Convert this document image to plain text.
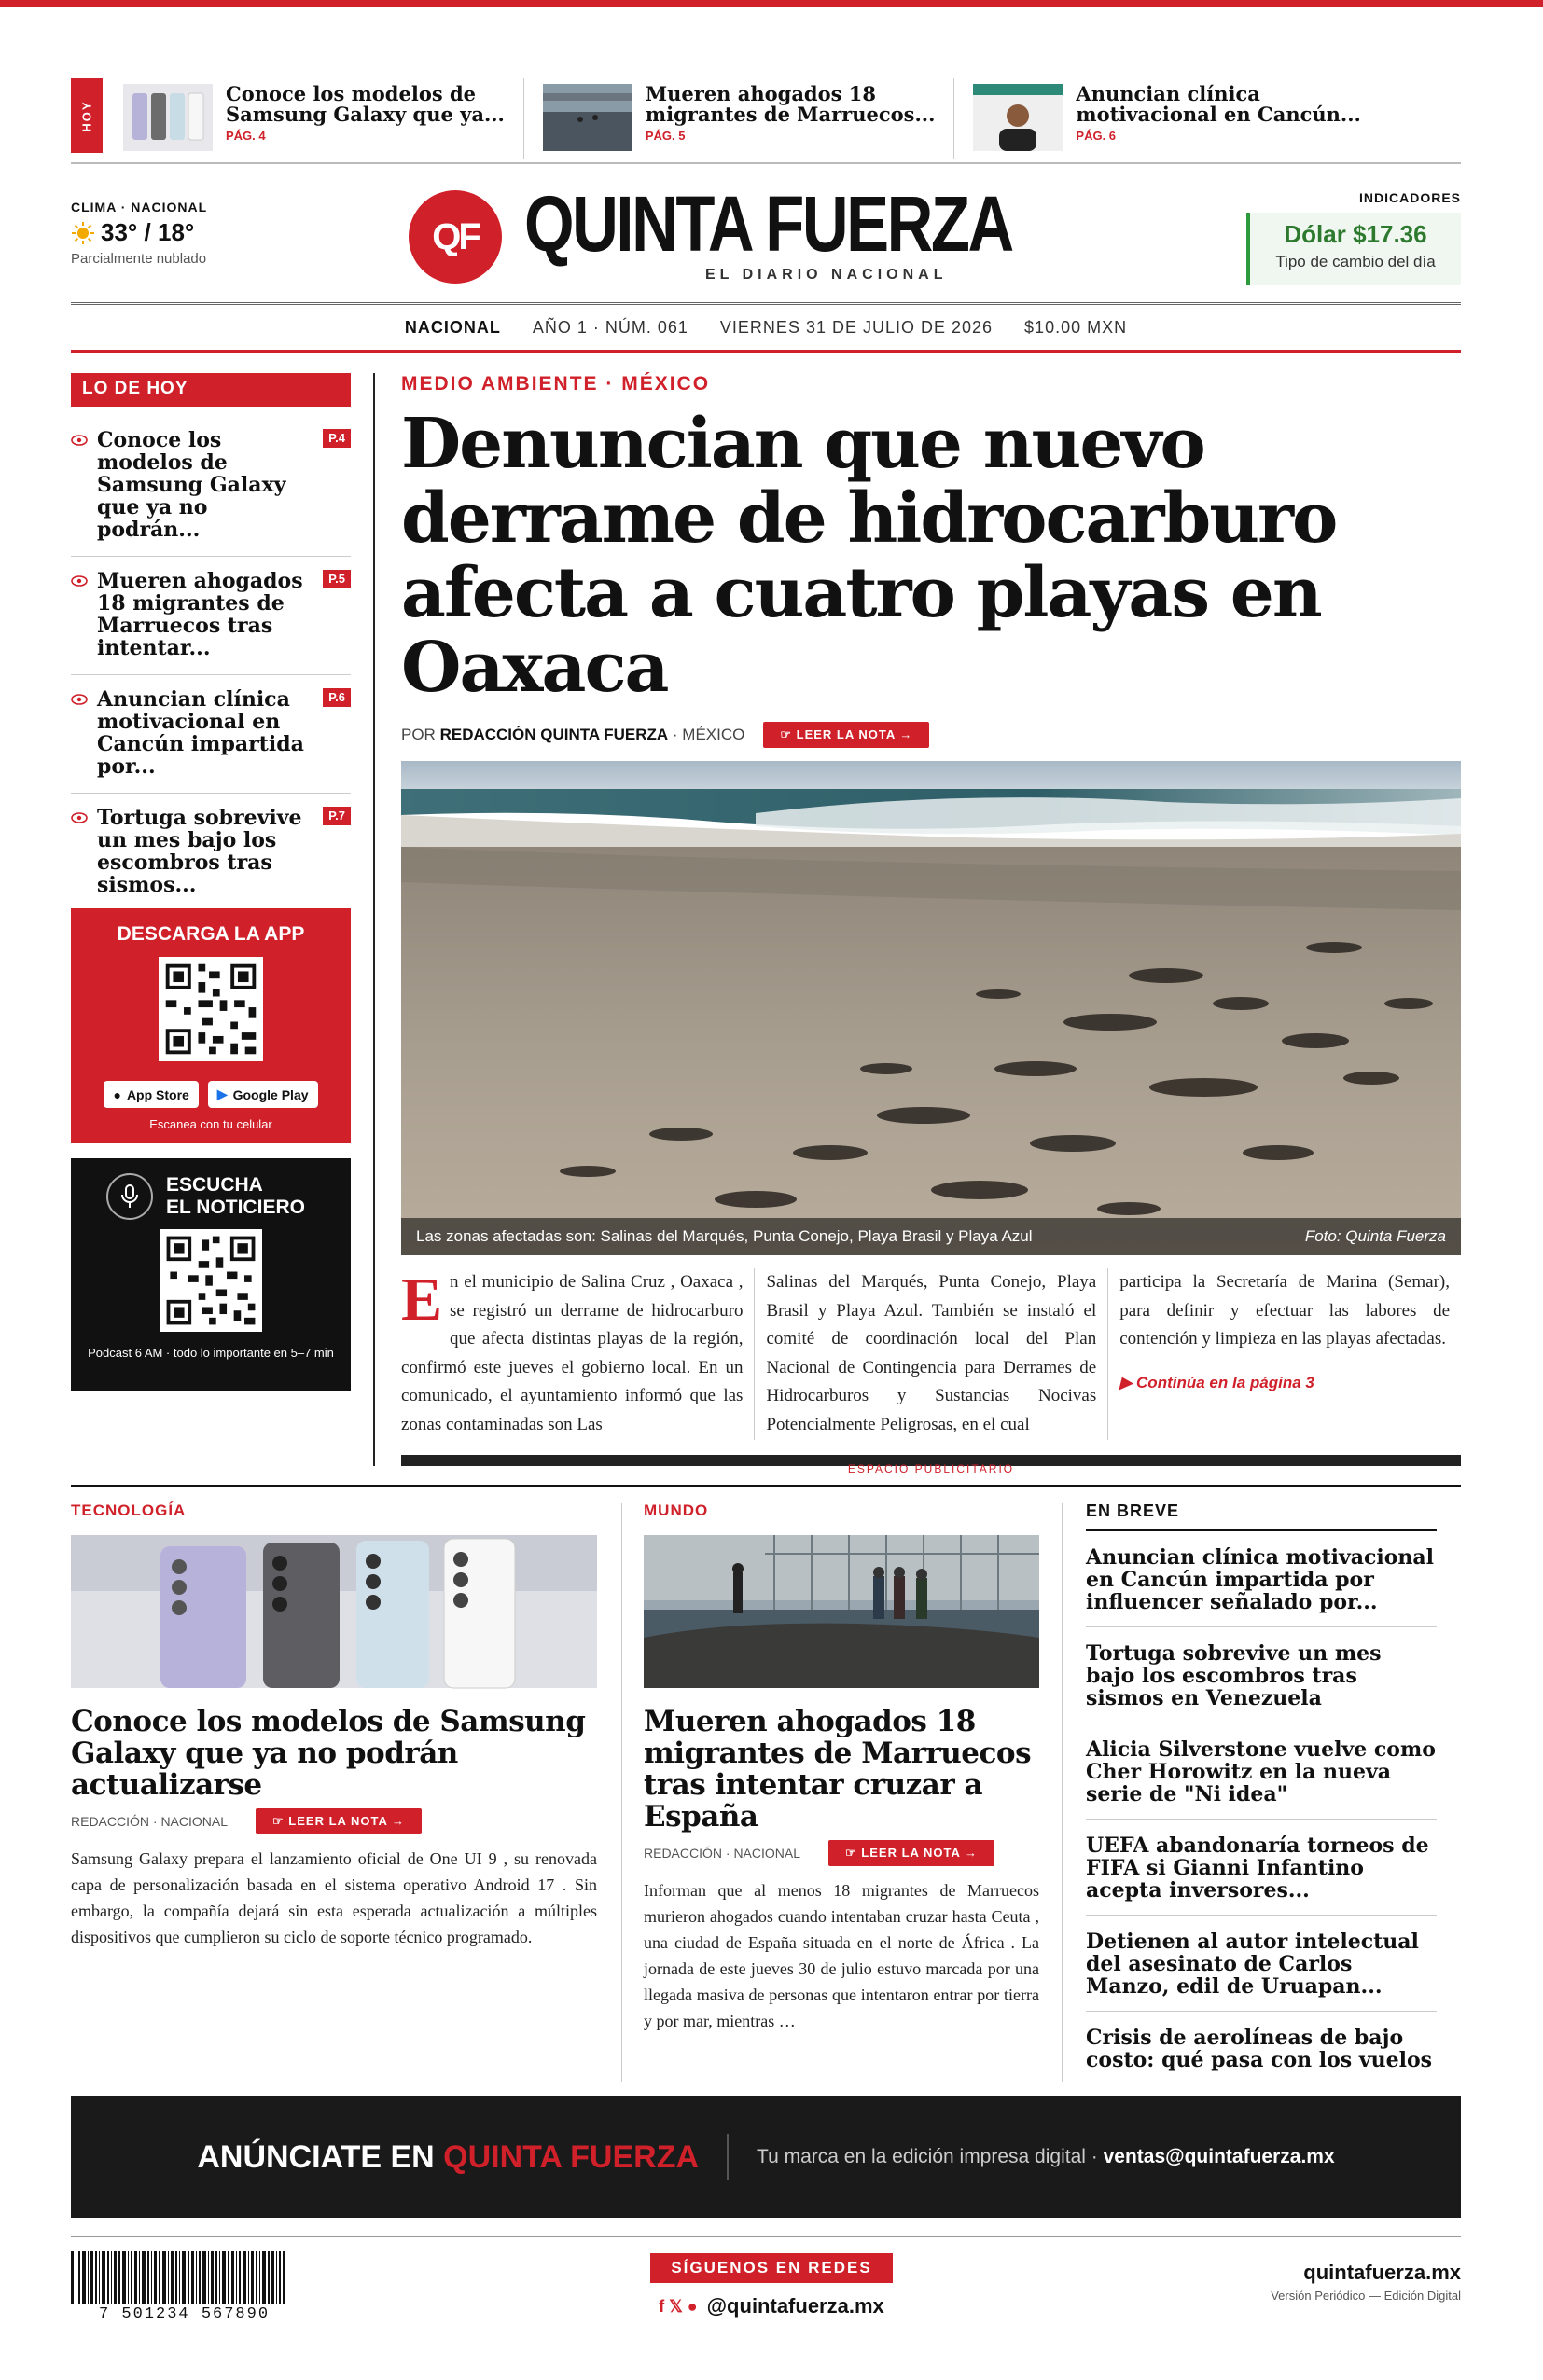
HOY
Conoce los modelos de
Samsung Galaxy que ya...
PÁG. 4
Mueren ahogados 18
migrantes de Marruecos...
PÁG. 5
Anuncian clínica
motivacional en Cancún...
PÁG. 6
CLIMA · NACIONAL
33° / 18°
Parcialmente nublado
QF QUINTA FUERZA
EL DIARIO NACIONAL
INDICADORES
Dólar $17.36
Tipo de cambio del día
NACIONAL AÑO 1 · NÚM. 061 VIERNES 31 DE JULIO DE 2026 $10.00 MXN
LO DE HOY
Conoce los modelos de Samsung Galaxy que ya no podrán...
P.4
Mueren ahogados 18 migrantes de Marruecos tras intentar...
P.5
Anuncian clínica motivacional en Cancún impartida por...
P.6
Tortuga sobrevive un mes bajo los escombros tras sismos...
P.7
DESCARGA LA APP
● App Store ▶ Google Play
Escanea con tu celular
ESCUCHA
EL NOTICIERO
Podcast 6 AM · todo lo importante en 5–7 min
MEDIO AMBIENTE · MÉXICO
Denuncian que nuevo derrame de hidrocarburo afecta a cuatro playas en Oaxaca
POR REDACCIÓN QUINTA FUERZA · MÉXICO	☞ LEER LA NOTA →
Las zonas afectadas son: Salinas del Marqués, Punta Conejo, Playa Brasil y Playa Azul	Foto: Quinta Fuerza
En el municipio de Salina Cruz , Oaxaca , se registró un derrame de hidrocarburo que afecta distintas playas de la región, confirmó este jueves el gobierno local. En un comunicado, el ayuntamiento informó que las zonas contaminadas son Las
Salinas del Marqués, Punta Conejo, Playa Brasil y Playa Azul. También se instaló el comité de coordinación local del Plan Nacional de Contingencia para Derrames de Hidrocarburos y Sustancias Nocivas Potencialmente Peligrosas, en el cual
participa la Secretaría de Marina (Semar), para definir y efectuar las labores de contención y limpieza en las playas afectadas.
▶ Continúa en la página 3
ESPACIO PUBLICITARIO
TECNOLOGÍA
Conoce los modelos de Samsung Galaxy que ya no podrán actualizarse
REDACCIÓN · NACIONAL	☞ LEER LA NOTA →
Samsung Galaxy prepara el lanzamiento oficial de One UI 9 , su renovada capa de personalización basada en el sistema operativo Android 17 . Sin embargo, la compañía dejará sin esta esperada actualización a múltiples dispositivos que cumplieron su ciclo de soporte técnico programado.
MUNDO
Mueren ahogados 18 migrantes de Marruecos tras intentar cruzar a España
REDACCIÓN · NACIONAL	☞ LEER LA NOTA →
Informan que al menos 18 migrantes de Marruecos murieron ahogados cuando intentaban cruzar hasta Ceuta , una ciudad de España situada en el norte de África . La jornada de este jueves 30 de julio estuvo marcada por una llegada masiva de personas que intentaron entrar por tierra y por mar, mientras …
EN BREVE
Anuncian clínica motivacional en Cancún impartida por influencer señalado por...
Tortuga sobrevive un mes bajo los escombros tras sismos en Venezuela
Alicia Silverstone vuelve como Cher Horowitz en la nueva serie de "Ni idea"
UEFA abandonaría torneos de FIFA si Gianni Infantino acepta inversores...
Detienen al autor intelectual del asesinato de Carlos Manzo, edil de Uruapan...
Crisis de aerolíneas de bajo costo: qué pasa con los vuelos
ANÚNCIATE EN QUINTA FUERZA	Tu marca en la edición impresa digital · ventas@quintafuerza.mx
7 501234 567890
SÍGUENOS EN REDES
f 𝕏 ● @quintafuerza.mx
quintafuerza.mx
Versión Periódico — Edición Digital
